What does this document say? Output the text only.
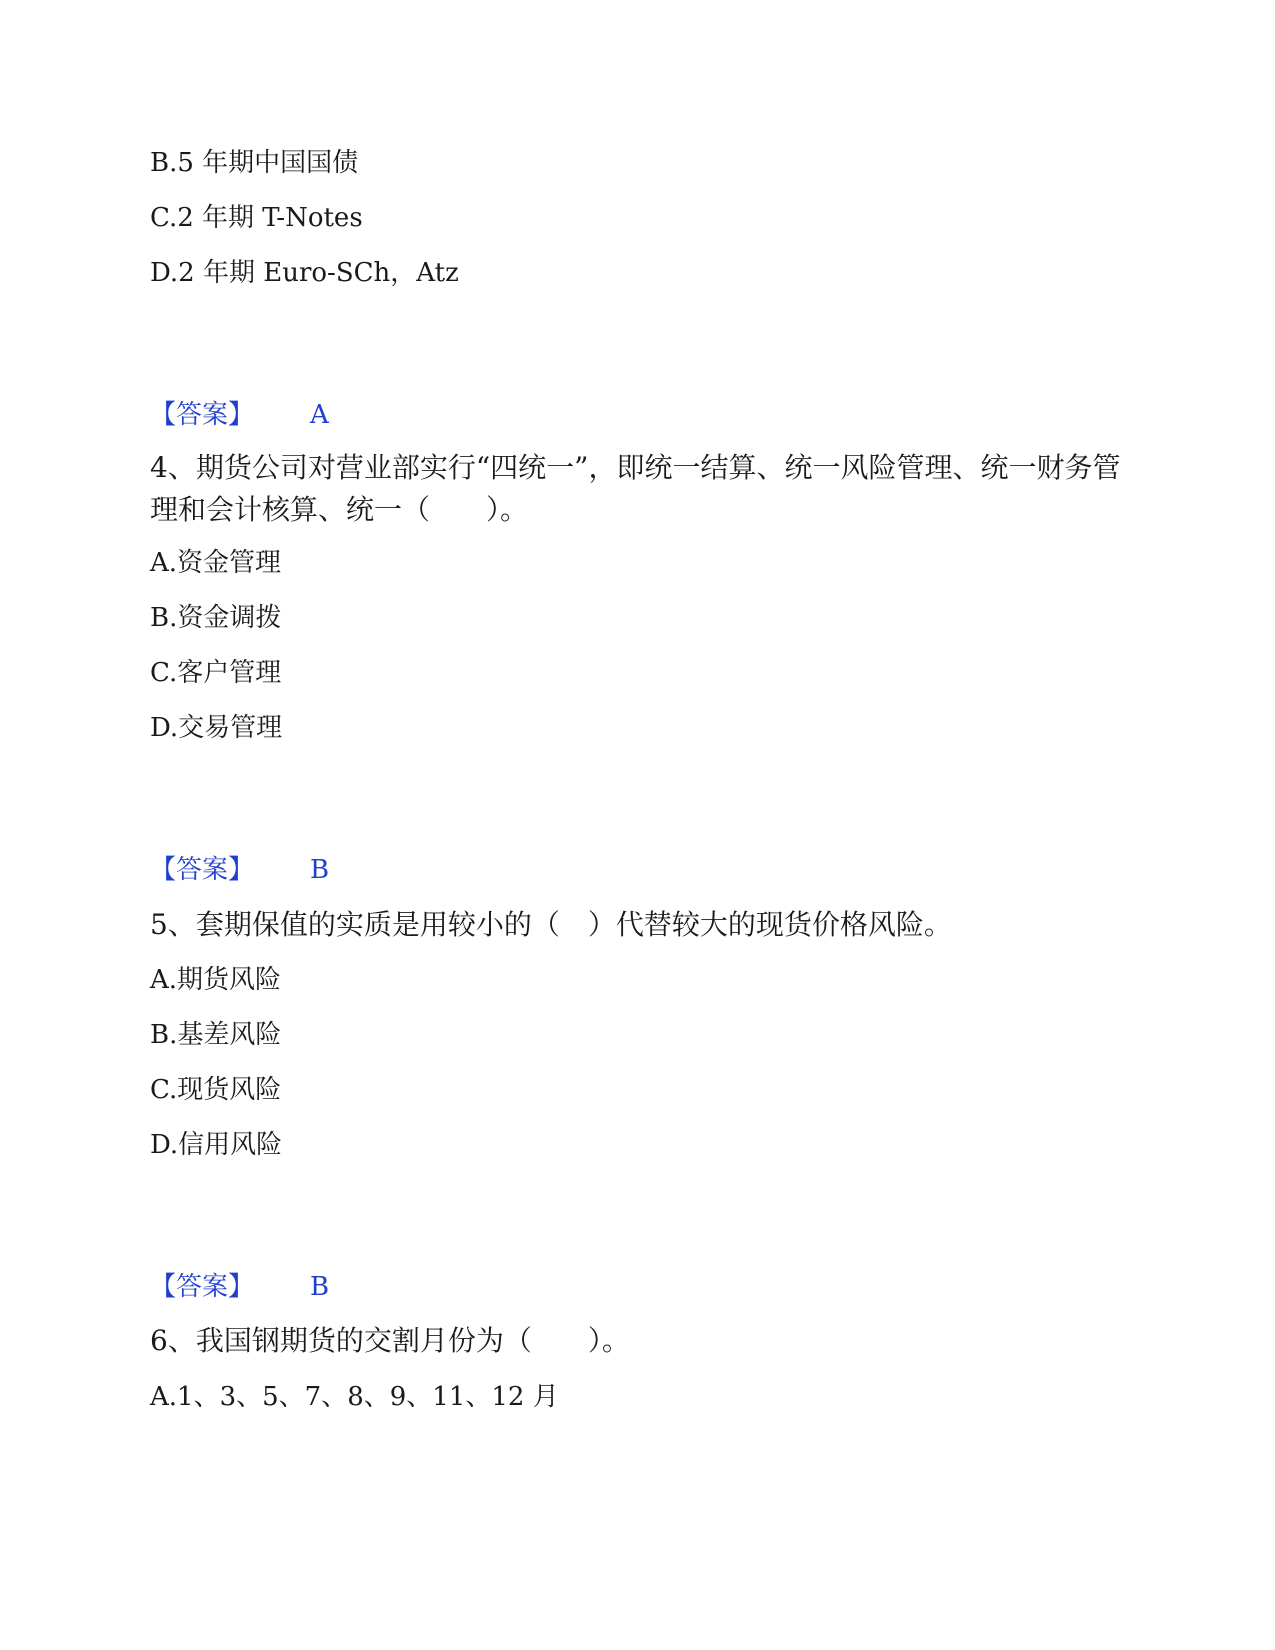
B.5 年期中国国债
C.2 年期 T-Notes
D.2 年期 Euro-SCh，Atz
【答案】 A
4、期货公司对营业部实行“四统一”，即统一结算、统一风险管理、统一财务管理和会计核算、统一（　　）。
A.资金管理
B.资金调拨
C.客户管理
D.交易管理
【答案】 B
5、套期保值的实质是用较小的（　）代替较大的现货价格风险。
A.期货风险
B.基差风险
C.现货风险
D.信用风险
【答案】 B
6、我国钢期货的交割月份为（　　）。
A.1、3、5、7、8、9、11、12 月
